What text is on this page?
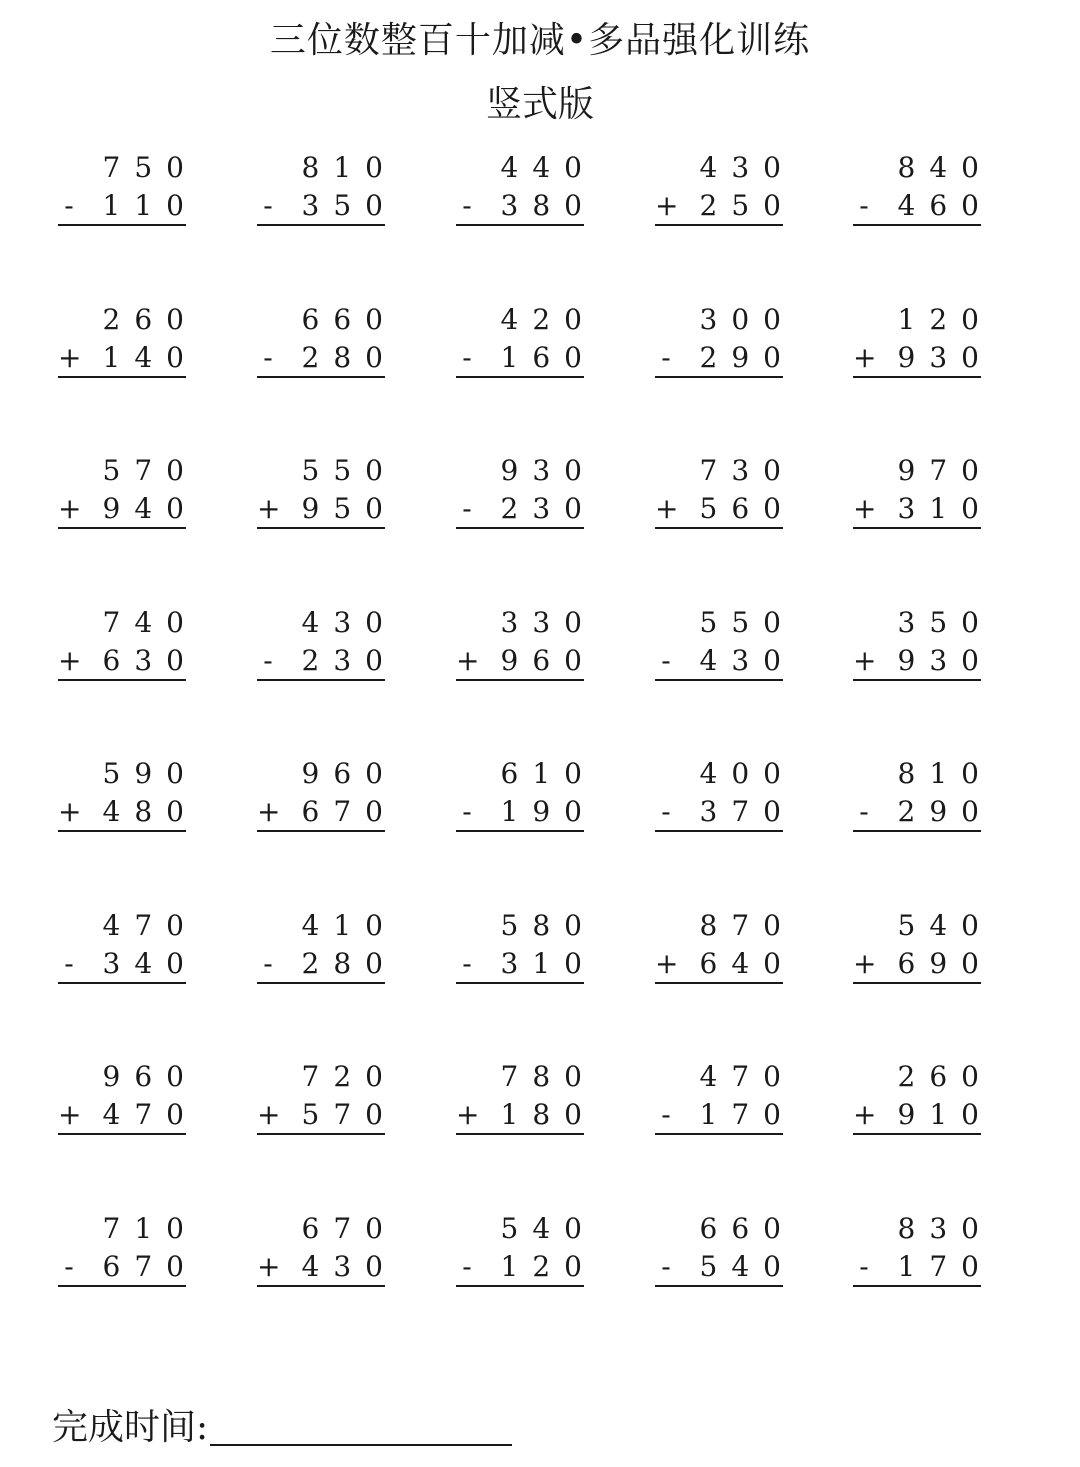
三位数整百十加减•多品强化训练
竖式版
750
- 110
810
- 350
440
- 380
430
+ 250
840
- 460
260
+ 140
660
- 280
420
- 160
300
- 290
120
+ 930
570
+ 940
550
+ 950
930
- 230
730
+ 560
970
+ 310
740
+ 630
430
- 230
330
+ 960
550
- 430
350
+ 930
590
+ 480
960
+ 670
610
- 190
400
- 370
810
- 290
470
- 340
410
- 280
580
- 310
870
+ 640
540
+ 690
960
+ 470
720
+ 570
780
+ 180
470
- 170
260
+ 910
710
- 670
670
+ 430
540
- 120
660
- 540
830
- 170
完成时间:
